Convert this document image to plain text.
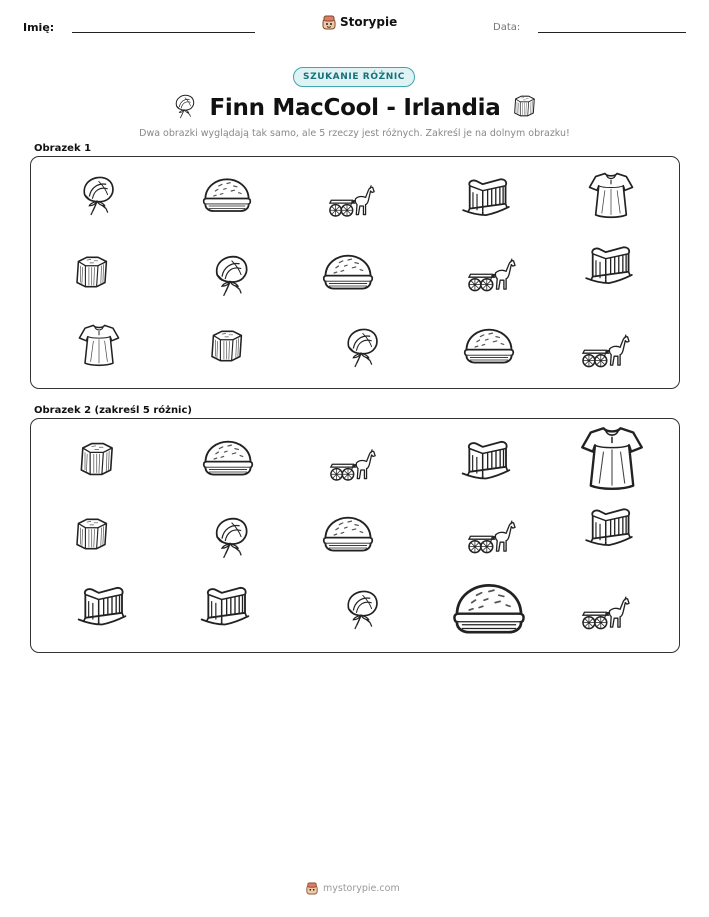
Imię:	Storypie	Data:
SZUKANIE RÓŻNIC
Finn MacCool - Irlandia
Dwa obrazki wyglądają tak samo, ale 5 rzeczy jest różnych. Zakreśl je na dolnym obrazku!
Obrazek 1
Obrazek 2 (zakreśl 5 różnic)
mystorypie.com
